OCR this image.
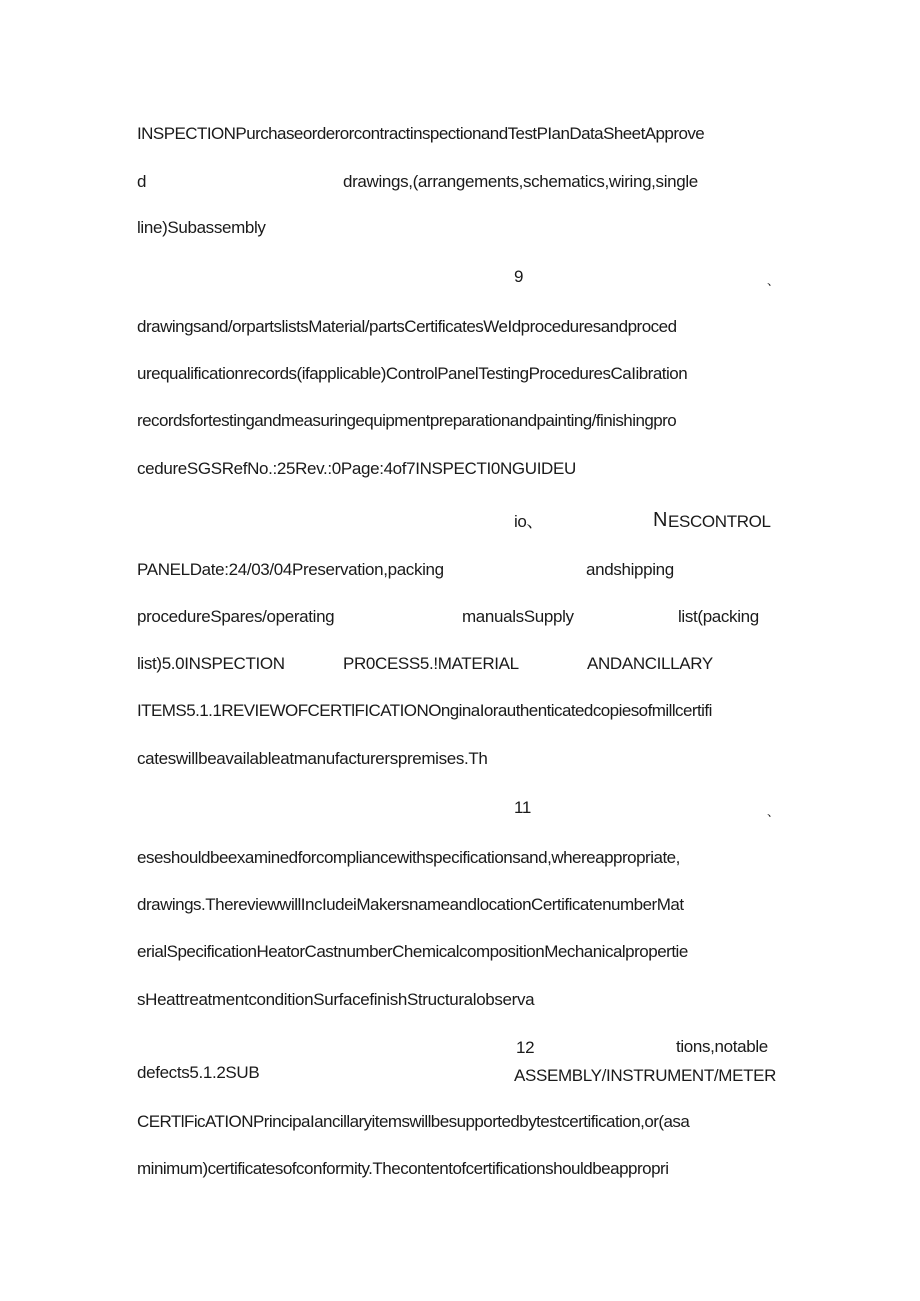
INSPECTIONPurchaseorderorcontractinspectionandTestPIanDataSheetApprove
d	drawings,(arrangements,schematics,wiring,single
line)Subassembly
9	、
drawingsand/orpartslistsMaterial/partsCertificatesWeIdproceduresandproced
urequalificationrecords(ifapplicable)ControlPanelTestingProceduresCaIibration
recordsfortestingandmeasuringequipmentpreparationandpainting/finishingpro
cedureSGSRefNo.:25Rev.:0Page:4of7INSPECTI0NGUIDEU
io、	N ESCONTROL
PANELDate:24/03/04Preservation,packing	andshipping
procedureSpares/operating	manualsSupply	list(packing
list)5.0INSPECTION	PR0CESS5.!MATERIAL	ANDANCILLARY
ITEMS5.1.1REVIEWOFCERTlFICATIONOnginaIorauthenticatedcopiesofmillcertifi
cateswillbeavailableatmanufacturerspremises.Th
11	、
eseshouldbeexaminedforcompliancewithspecificationsand,whereappropriate,
drawings.ThereviewwillIncIudeiMakersnameandlocationCertificatenumberMat
erialSpecificationHeatorCastnumberChemicalcompositionMechanicalpropertie
sHeattreatmentconditionSurfacefinishStructuralobserva
12	tions,notable
defects5.1.2SUB	ASSEMBLY/INSTRUMENT/METER
CERTlFicATIONPrincipaIancillaryitemswillbesupportedbytestcertification,or(asa
minimum)certificatesofconformity.Thecontentofcertificationshouldbeappropri
